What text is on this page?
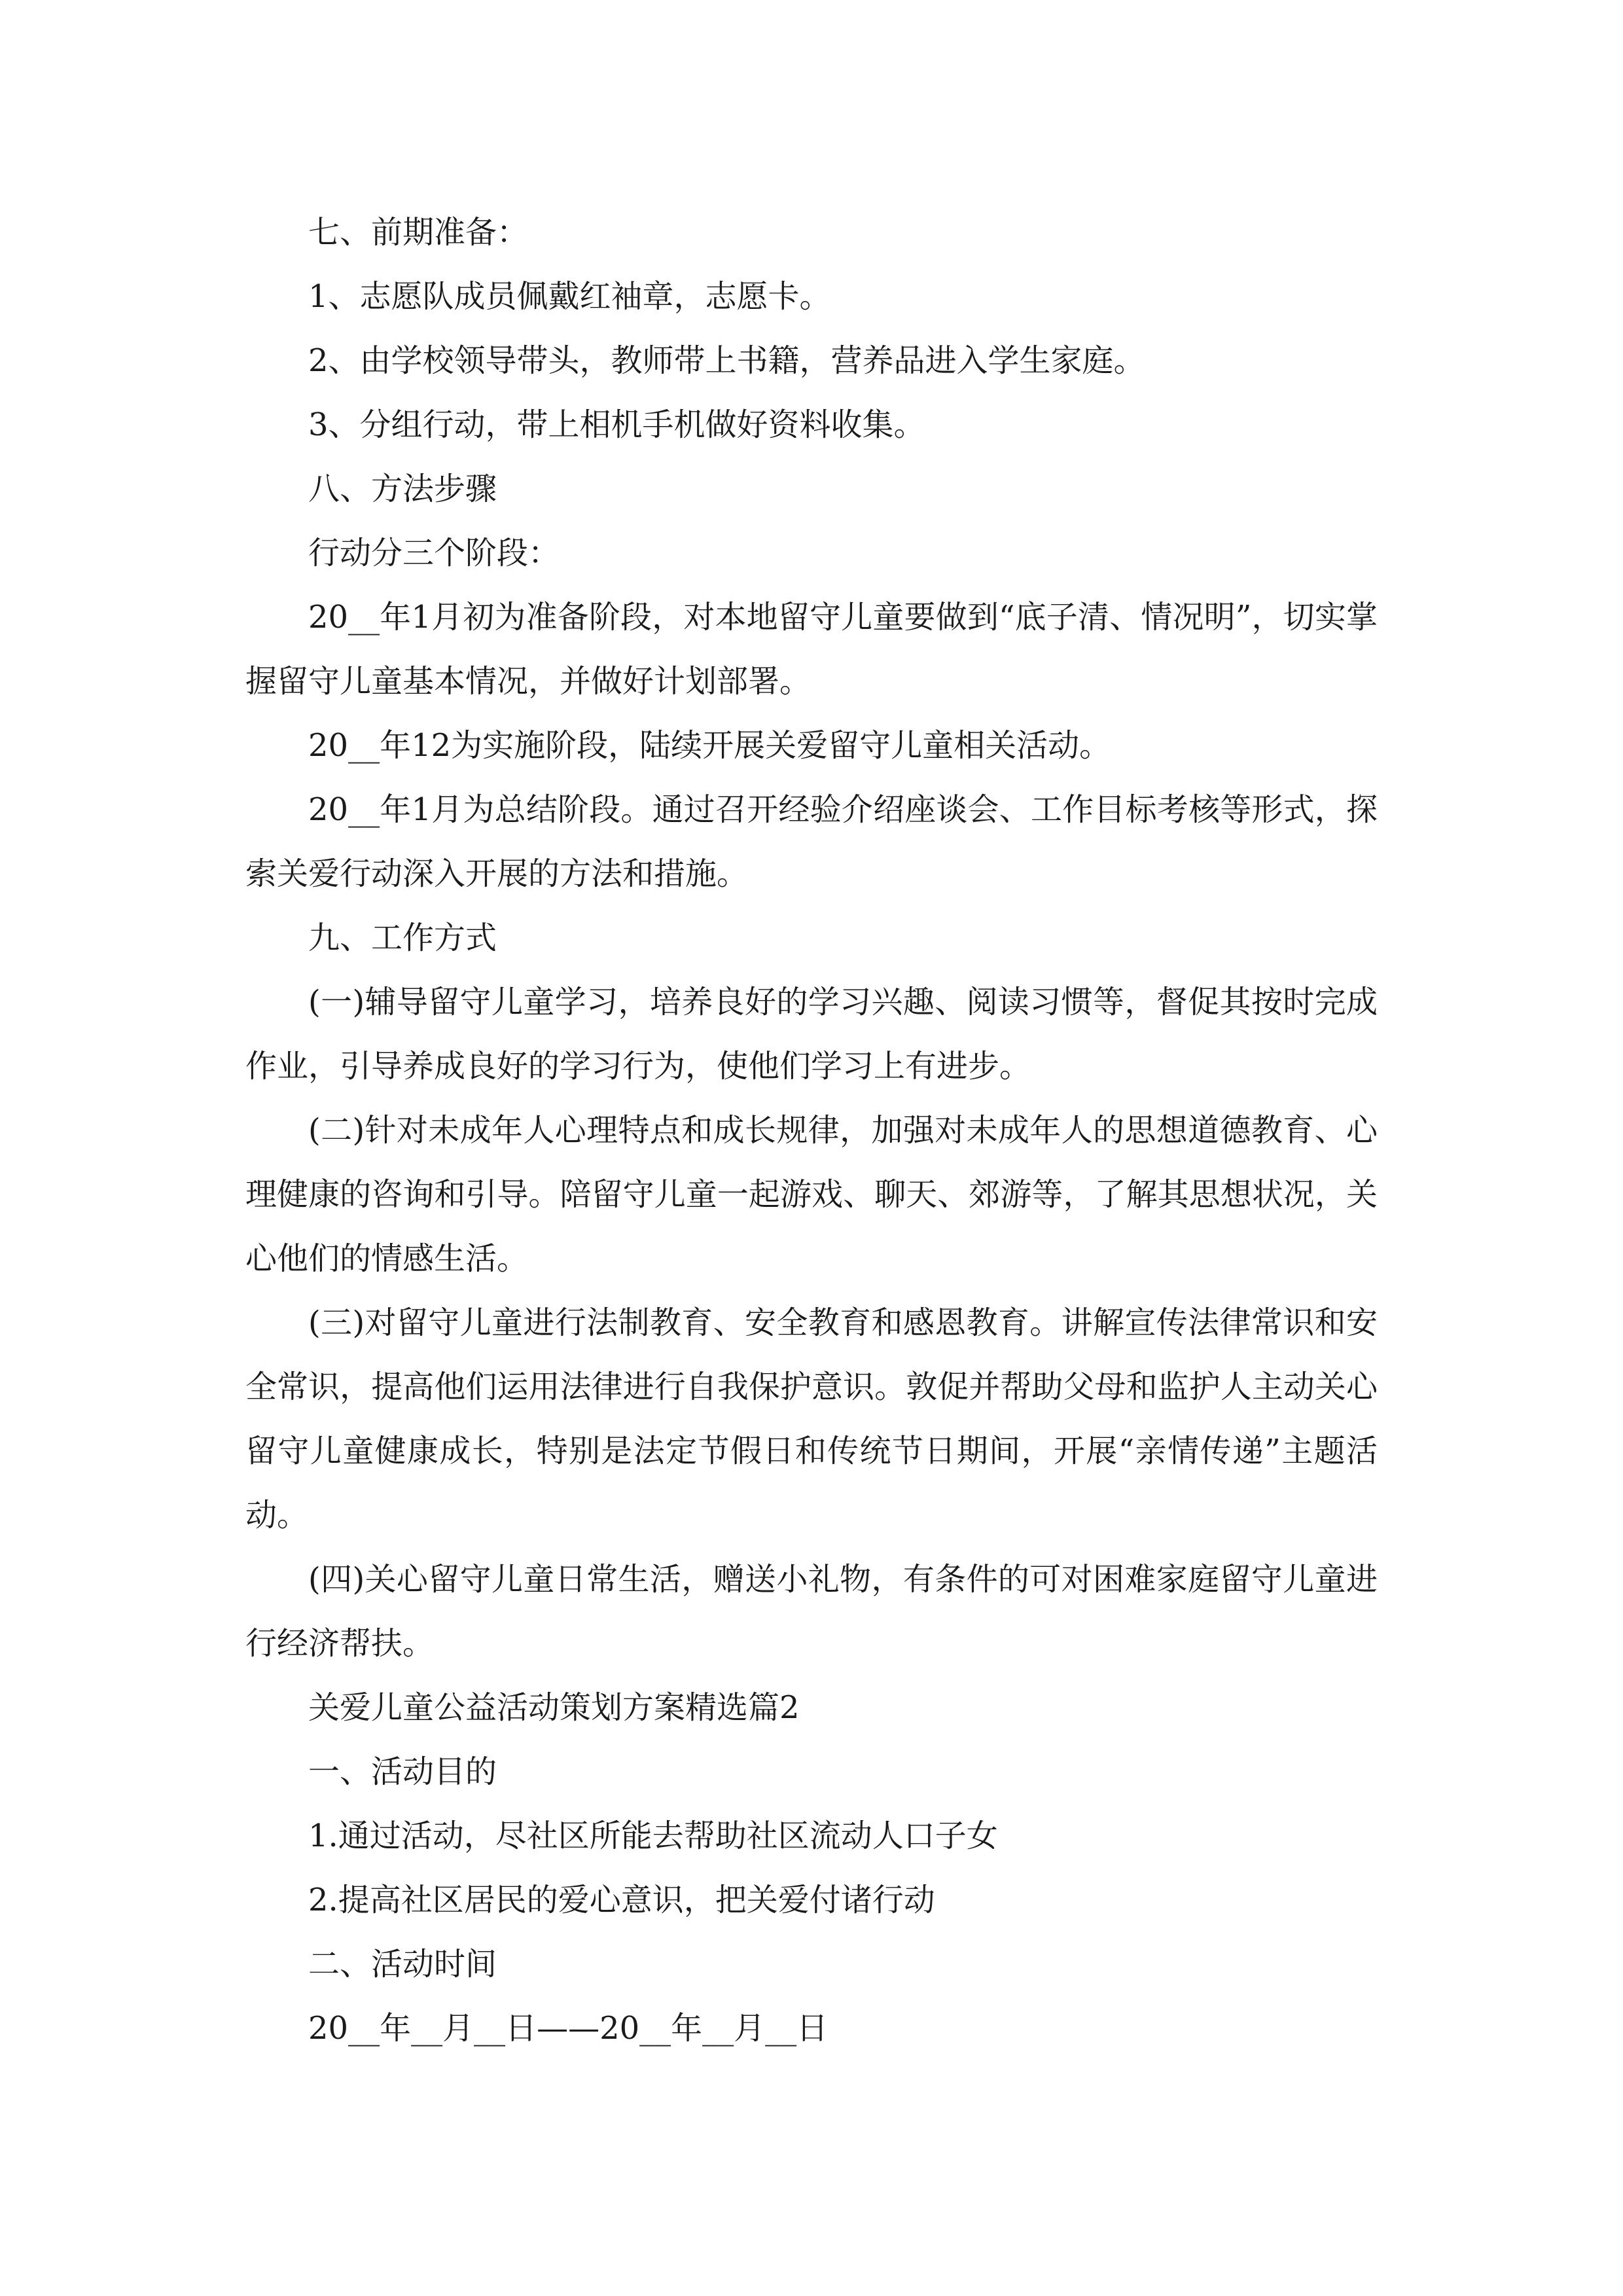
七、前期准备：

1、志愿队成员佩戴红袖章，志愿卡。

2、由学校领导带头，教师带上书籍，营养品进入学生家庭。

3、分组行动，带上相机手机做好资料收集。

八、方法步骤

行动分三个阶段：

20__年1月初为准备阶段，对本地留守儿童要做到“底子清、情况明”，切实掌握留守儿童基本情况，并做好计划部署。

20__年12为实施阶段，陆续开展关爱留守儿童相关活动。

20__年1月为总结阶段。通过召开经验介绍座谈会、工作目标考核等形式，探索关爱行动深入开展的方法和措施。

九、工作方式

(一)辅导留守儿童学习，培养良好的学习兴趣、阅读习惯等，督促其按时完成作业，引导养成良好的学习行为，使他们学习上有进步。

(二)针对未成年人心理特点和成长规律，加强对未成年人的思想道德教育、心理健康的咨询和引导。陪留守儿童一起游戏、聊天、郊游等，了解其思想状况，关心他们的情感生活。

(三)对留守儿童进行法制教育、安全教育和感恩教育。讲解宣传法律常识和安全常识，提高他们运用法律进行自我保护意识。敦促并帮助父母和监护人主动关心留守儿童健康成长，特别是法定节假日和传统节日期间，开展“亲情传递”主题活动。

(四)关心留守儿童日常生活，赠送小礼物，有条件的可对困难家庭留守儿童进行经济帮扶。

关爱儿童公益活动策划方案精选篇2

一、活动目的

1.通过活动，尽社区所能去帮助社区流动人口子女

2.提高社区居民的爱心意识，把关爱付诸行动

二、活动时间

20__年__月__日——20__年__月__日
